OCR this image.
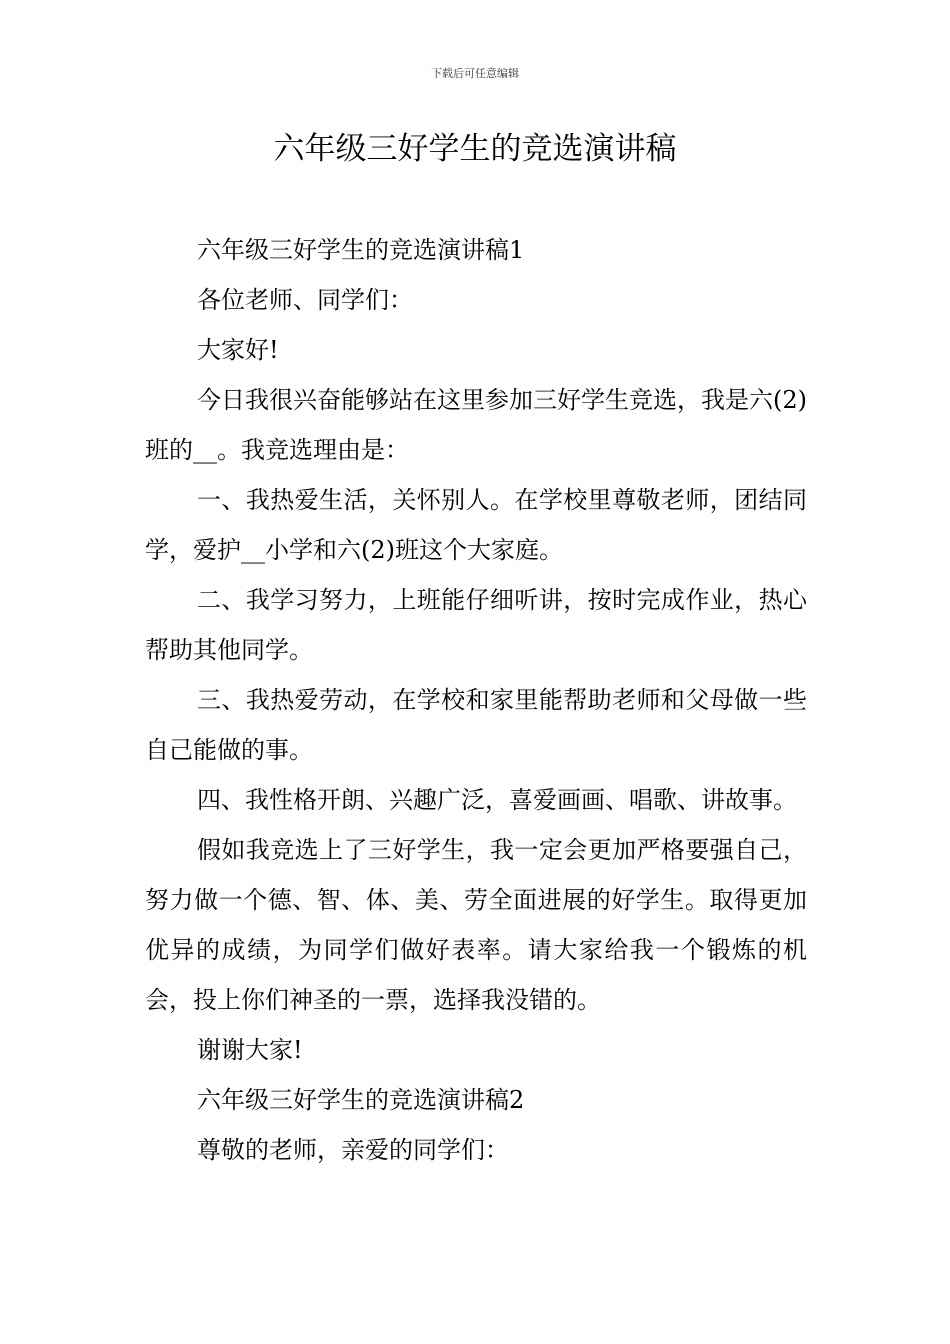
下载后可任意编辑
六年级三好学生的竞选演讲稿

六年级三好学生的竞选演讲稿1

各位老师、同学们：

大家好!

今日我很兴奋能够站在这里参加三好学生竞选，我是六(2)班的__。我竞选理由是：

一、我热爱生活，关怀别人。在学校里尊敬老师，团结同学，爱护__小学和六(2)班这个大家庭。

二、我学习努力，上班能仔细听讲，按时完成作业，热心帮助其他同学。

三、我热爱劳动，在学校和家里能帮助老师和父母做一些自己能做的事。

四、我性格开朗、兴趣广泛，喜爱画画、唱歌、讲故事。

假如我竞选上了三好学生，我一定会更加严格要强自己，努力做一个德、智、体、美、劳全面进展的好学生。取得更加优异的成绩，为同学们做好表率。请大家给我一个锻炼的机会，投上你们神圣的一票，选择我没错的。

谢谢大家!

六年级三好学生的竞选演讲稿2

尊敬的老师，亲爱的同学们：
